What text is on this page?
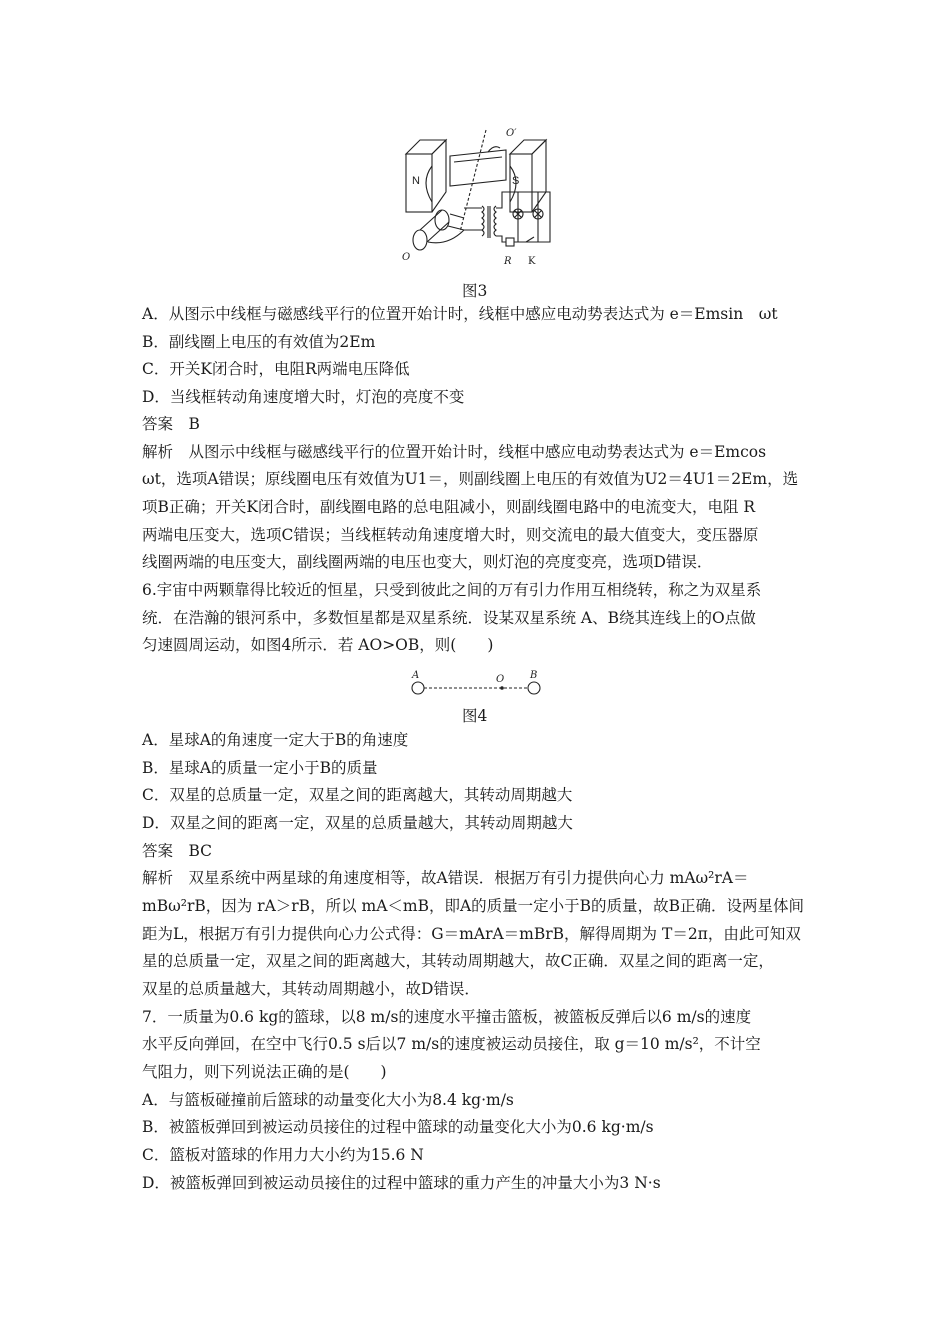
N	S
O′
O	R K
图3
A．从图示中线框与磁感线平行的位置开始计时，线框中感应电动势表达式为 e＝Emsin　ωt
B．副线圈上电压的有效值为2Em
C．开关K闭合时，电阻R两端电压降低
D．当线框转动角速度增大时，灯泡的亮度不变
答案　B
解析　从图示中线框与磁感线平行的位置开始计时，线框中感应电动势表达式为 e＝Emcos
ωt，选项A错误；原线圈电压有效值为U1＝，则副线圈上电压的有效值为U2＝4U1＝2Em，选
项B正确；开关K闭合时，副线圈电路的总电阻减小，则副线圈电路中的电流变大，电阻 R
两端电压变大，选项C错误；当线框转动角速度增大时，则交流电的最大值变大，变压器原
线圈两端的电压变大，副线圈两端的电压也变大，则灯泡的亮度变亮，选项D错误．
6.宇宙中两颗靠得比较近的恒星，只受到彼此之间的万有引力作用互相绕转，称之为双星系
统．在浩瀚的银河系中，多数恒星都是双星系统．设某双星系统 A、B绕其连线上的O点做
匀速圆周运动，如图4所示．若 AO>OB，则(　　)
A	O	B
图4
A．星球A的角速度一定大于B的角速度
B．星球A的质量一定小于B的质量
C．双星的总质量一定，双星之间的距离越大，其转动周期越大
D．双星之间的距离一定，双星的总质量越大，其转动周期越大
答案　BC
解析　双星系统中两星球的角速度相等，故A错误．根据万有引力提供向心力 mAω²rA＝
mBω²rB，因为 rA＞rB，所以 mA＜mB，即A的质量一定小于B的质量，故B正确．设两星体间
距为L，根据万有引力提供向心力公式得：G＝mArA＝mBrB，解得周期为 T＝2π，由此可知双
星的总质量一定，双星之间的距离越大，其转动周期越大，故C正确．双星之间的距离一定，
双星的总质量越大，其转动周期越小，故D错误．
7．一质量为0.6 kg的篮球，以8 m/s的速度水平撞击篮板，被篮板反弹后以6 m/s的速度
水平反向弹回，在空中飞行0.5 s后以7 m/s的速度被运动员接住，取 g＝10 m/s²，不计空
气阻力，则下列说法正确的是(　　)
A．与篮板碰撞前后篮球的动量变化大小为8.4 kg·m/s
B．被篮板弹回到被运动员接住的过程中篮球的动量变化大小为0.6 kg·m/s
C．篮板对篮球的作用力大小约为15.6 N
D．被篮板弹回到被运动员接住的过程中篮球的重力产生的冲量大小为3 N·s
